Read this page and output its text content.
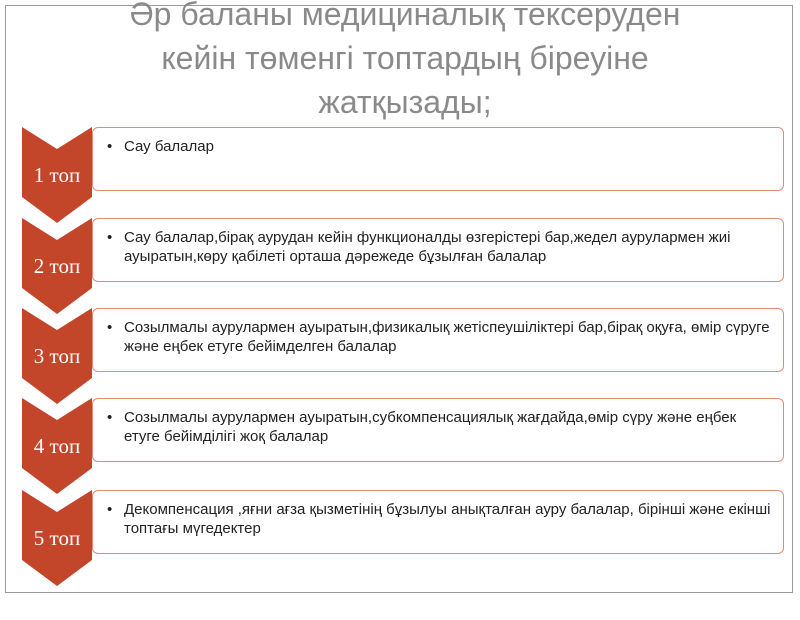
Әр баланы медициналық тексеруден
кейін төменгі топтардың біреуіне
жатқызады;
1 топ
• Сау балалар
2 топ
• Сау балалар,бірақ аурудан кейін функционалды өзгерістері бар,жедел аурулармен жиі ауыратын,көру қабілеті орташа дәрежеде бұзылған балалар
3 топ
• Созылмалы аурулармен ауыратын,физикалық жетіспеушіліктері бар,бірақ оқуға, өмір сүруге және еңбек етуге бейімделген балалар
4 топ
• Созылмалы аурулармен ауыратын,субкомпенсациялық жағдайда,өмір сүру және еңбек етуге бейімділігі жоқ балалар
5 топ
• Декомпенсация ,яғни ағза қызметінің бұзылуы анықталған ауру балалар, бірінші және екінші топтағы мүгедектер
